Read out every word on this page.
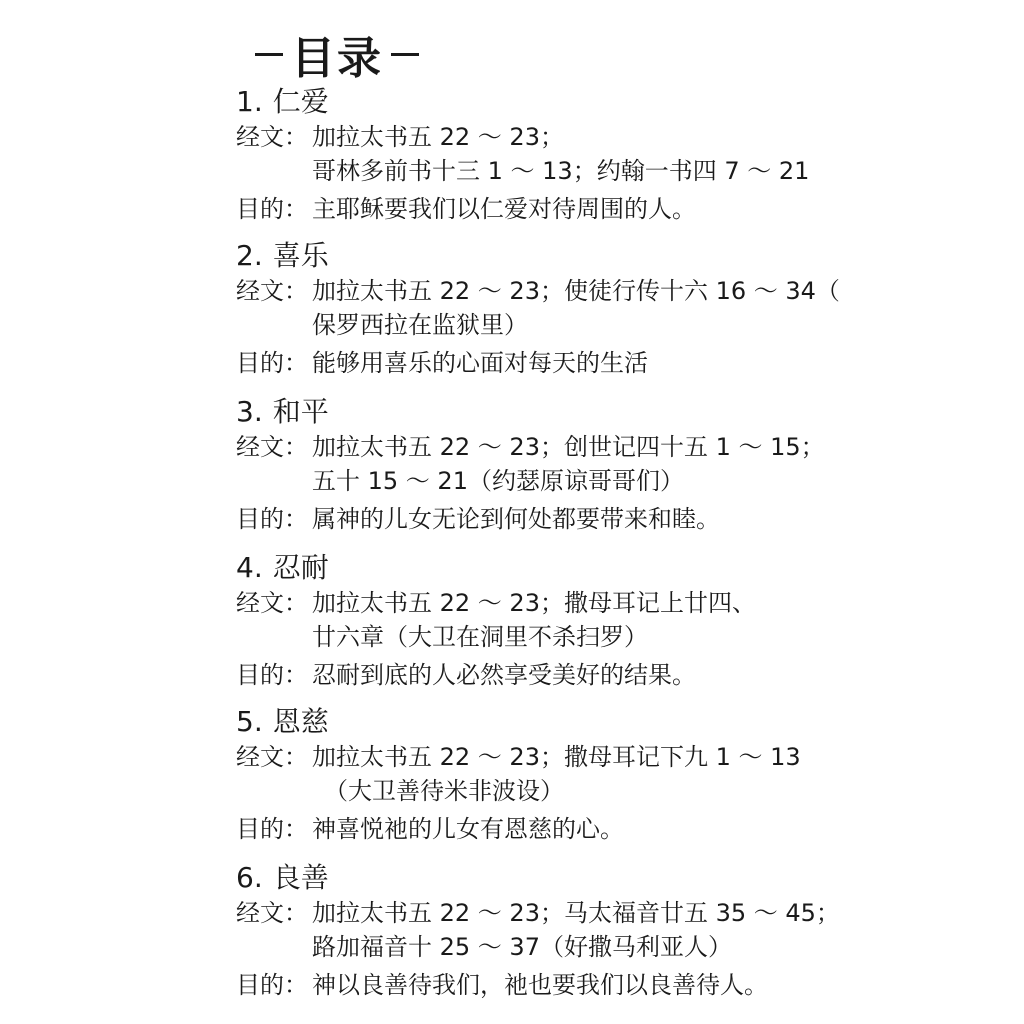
目录
1. 仁爱
经文： 加拉太书五 22 ～ 23；
哥林多前书十三 1 ～ 13；约翰一书四 7 ～ 21
目的： 主耶稣要我们以仁爱对待周围的人。
2. 喜乐
经文： 加拉太书五 22 ～ 23；使徒行传十六 16 ～ 34（
保罗西拉在监狱里）
目的： 能够用喜乐的心面对每天的生活
3. 和平
经文： 加拉太书五 22 ～ 23；创世记四十五 1 ～ 15；
五十 15 ～ 21（约瑟原谅哥哥们）
目的： 属神的儿女无论到何处都要带来和睦。
4. 忍耐
经文： 加拉太书五 22 ～ 23；撒母耳记上廿四、
廿六章（大卫在洞里不杀扫罗）
目的： 忍耐到底的人必然享受美好的结果。
5. 恩慈
经文： 加拉太书五 22 ～ 23；撒母耳记下九 1 ～ 13
（大卫善待米非波设）
目的： 神喜悦祂的儿女有恩慈的心。
6. 良善
经文： 加拉太书五 22 ～ 23；马太福音廿五 35 ～ 45；
路加福音十 25 ～ 37（好撒马利亚人）
目的： 神以良善待我们，祂也要我们以良善待人。
